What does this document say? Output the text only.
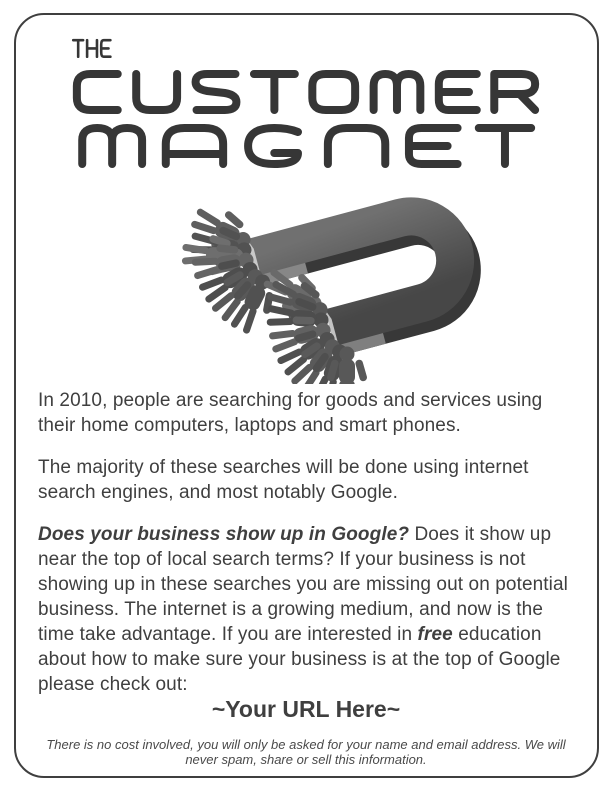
In 2010, people are searching for goods and services using their home computers, laptops and smart phones.

The majority of these searches will be done using internet search engines, and most notably Google.

Does your business show up in Google? Does it show up near the top of local search terms? If your business is not showing up in these searches you are missing out on potential business. The internet is a growing medium, and now is the time take advantage. If you are interested in free education about how to make sure your business is at the top of Google please check out:

~Your URL Here~
There is no cost involved, you will only be asked for your name and email address. We will never spam, share or sell this information.
